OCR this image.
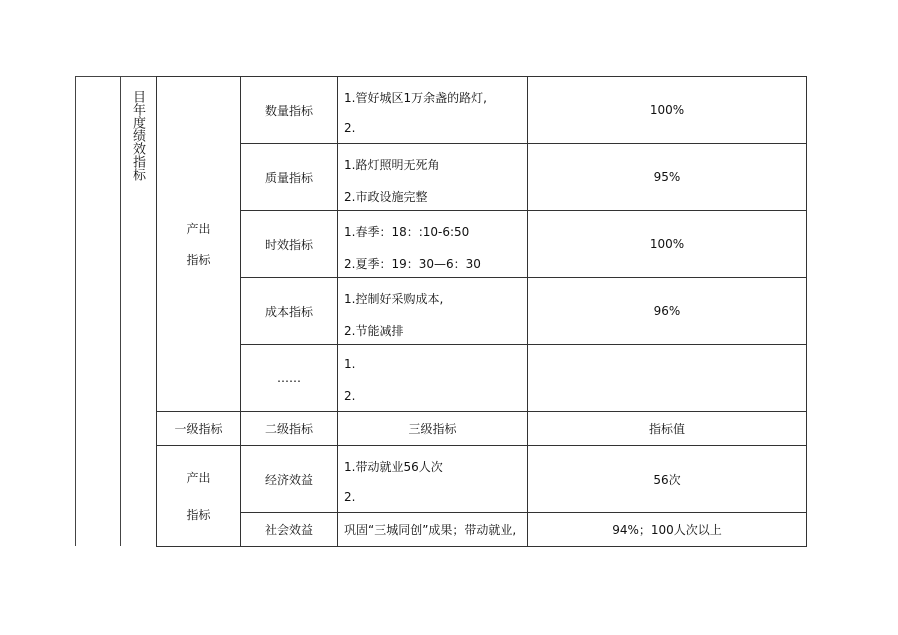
目年度绩效指标
产出
指标	数量指标	1.管好城区1万余盏的路灯,
2.	100%
	质量指标	1.路灯照明无死角
2.市政设施完整	95%
	时效指标	1.春季：18：:10-6:50
2.夏季：19：30—6：30	100%
	成本指标	1.控制好采购成本,
2.节能减排	96%
	……	1.
2.	

一级指标	二级指标	三级指标	指标值

产出
指标	经济效益	1.带动就业56人次
2.	56次
	社会效益	巩固“三城同创”成果；带动就业,	94%；100人次以上
